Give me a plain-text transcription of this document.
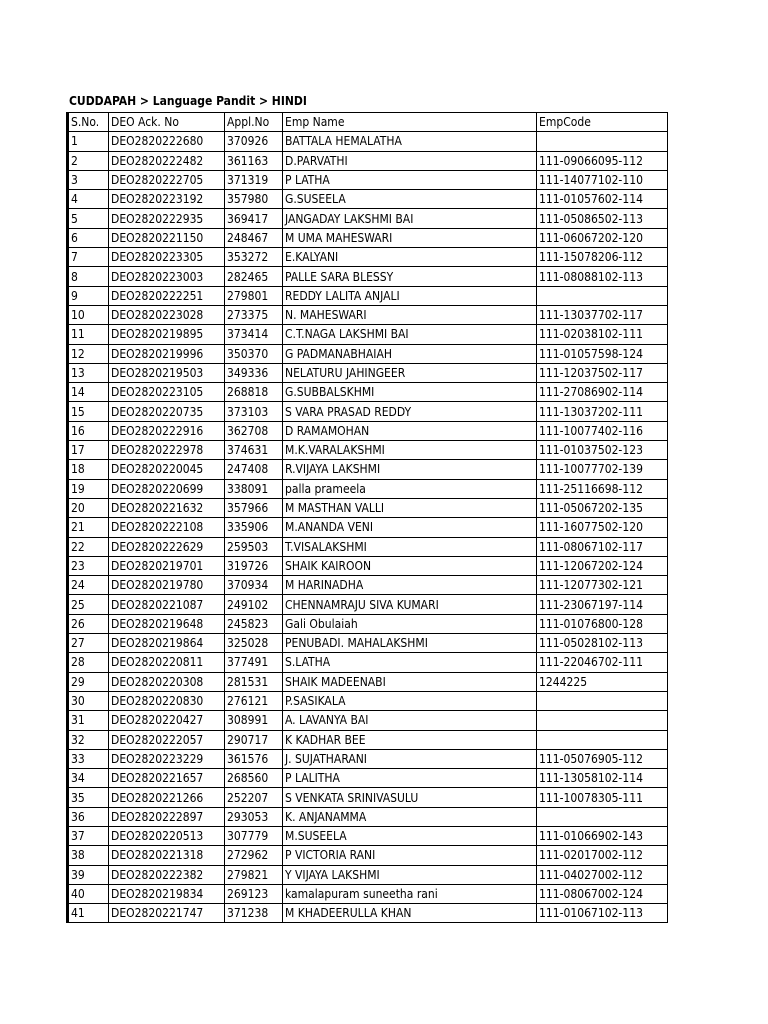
CUDDAPAH > Language Pandit > HINDI
S.No.	DEO Ack. No	Appl.No	Emp Name	EmpCode
1	DEO2820222680	370926	BATTALA HEMALATHA	
2	DEO2820222482	361163	D.PARVATHI	111-09066095-112
3	DEO2820222705	371319	P LATHA	111-14077102-110
4	DEO2820223192	357980	G.SUSEELA	111-01057602-114
5	DEO2820222935	369417	JANGADAY LAKSHMI BAI	111-05086502-113
6	DEO2820221150	248467	M UMA MAHESWARI	111-06067202-120
7	DEO2820223305	353272	E.KALYANI	111-15078206-112
8	DEO2820223003	282465	PALLE SARA BLESSY	111-08088102-113
9	DEO2820222251	279801	REDDY LALITA ANJALI	
10	DEO2820223028	273375	N. MAHESWARI	111-13037702-117
11	DEO2820219895	373414	C.T.NAGA LAKSHMI BAI	111-02038102-111
12	DEO2820219996	350370	G PADMANABHAIAH	111-01057598-124
13	DEO2820219503	349336	NELATURU JAHINGEER	111-12037502-117
14	DEO2820223105	268818	G.SUBBALSKHMI	111-27086902-114
15	DEO2820220735	373103	S VARA PRASAD REDDY	111-13037202-111
16	DEO2820222916	362708	D RAMAMOHAN	111-10077402-116
17	DEO2820222978	374631	M.K.VARALAKSHMI	111-01037502-123
18	DEO2820220045	247408	R.VIJAYA LAKSHMI	111-10077702-139
19	DEO2820220699	338091	palla prameela	111-25116698-112
20	DEO2820221632	357966	M MASTHAN VALLI	111-05067202-135
21	DEO2820222108	335906	M.ANANDA VENI	111-16077502-120
22	DEO2820222629	259503	T.VISALAKSHMI	111-08067102-117
23	DEO2820219701	319726	SHAIK KAIROON	111-12067202-124
24	DEO2820219780	370934	M HARINADHA	111-12077302-121
25	DEO2820221087	249102	CHENNAMRAJU SIVA KUMARI	111-23067197-114
26	DEO2820219648	245823	Gali Obulaiah	111-01076800-128
27	DEO2820219864	325028	PENUBADI. MAHALAKSHMI	111-05028102-113
28	DEO2820220811	377491	S.LATHA	111-22046702-111
29	DEO2820220308	281531	SHAIK MADEENABI	1244225
30	DEO2820220830	276121	P.SASIKALA	
31	DEO2820220427	308991	A. LAVANYA BAI	
32	DEO2820222057	290717	K KADHAR BEE	
33	DEO2820223229	361576	J. SUJATHARANI	111-05076905-112
34	DEO2820221657	268560	P LALITHA	111-13058102-114
35	DEO2820221266	252207	S VENKATA SRINIVASULU	111-10078305-111
36	DEO2820222897	293053	K. ANJANAMMA	
37	DEO2820220513	307779	M.SUSEELA	111-01066902-143
38	DEO2820221318	272962	P VICTORIA RANI	111-02017002-112
39	DEO2820222382	279821	Y VIJAYA LAKSHMI	111-04027002-112
40	DEO2820219834	269123	kamalapuram suneetha rani	111-08067002-124
41	DEO2820221747	371238	M KHADEERULLA KHAN	111-01067102-113
